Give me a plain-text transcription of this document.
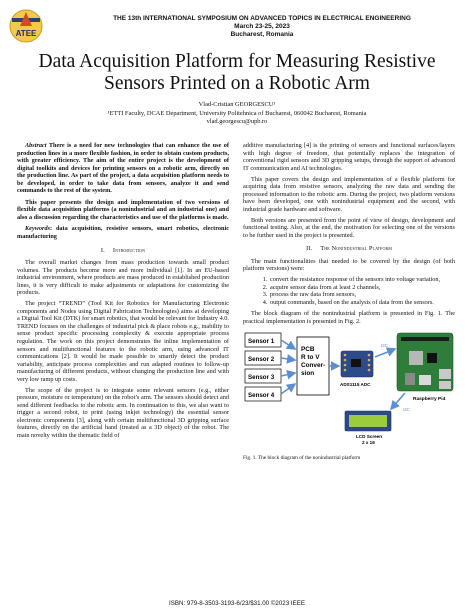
ATEE
THE 13th INTERNATIONAL SYMPOSIUM ON ADVANCED TOPICS IN ELECTRICAL ENGINEERING
March 23-25, 2023
Bucharest, Romania
Data Acquisition Platform for Measuring Resistive
Sensors Printed on a Robotic Arm
Vlad-Cristian GEORGESCU¹
¹ETTI Faculty, DCAE Department, University Politehnica of Bucharest, 060042 Bucharest, Romania
vlad.georgescu@upb.ro

Abstract There is a need for new technologies that can enhance the use of production lines in a more flexible fashion, in order to obtain custom products, with greater efficiency. The aim of the entire project is the development of digital toolkits and devices for printing sensors on a robotic arm, directly on the production line. As part of the project, a data acquisition platform needs to be developed, in order to take data from sensors, analyze it and send commands to the rest of the system.

This paper presents the design and implementation of two versions of flexible data acquisition platforms (a nonindustrial and an industrial one) and also a discussion regarding the characteristics and use of the platforms is made.

Keywords: data acquisition, resistive sensors, smart robotics, electronic manufacturing

I. Introduction

The overall market changes from mass production towards small product volumes. The products become more and more individual [1]. In an EU-based industrial environment, where products are mass produced in established production lines, it is very difficult to make adjustments or adaptations for customizing the products.

The project “TREND” (Tool Kit for Robotics for Manufacturing Electronic components and Nodes using Digital Fabrication Technologies) aims at developing a Digital Tool Kit (DTK) for smart robotics, that would be relevant for Industry 4.0. TREND focuses on the challenges of industrial pick & place robots e.g., inability to sense product specific processing complexity & execute appropriate process regulation. The work on this project demonstrates the inline implementation of sensors and multifunctional features to the robotic arm, using advanced IT communications [2]. It would be made possible to smartly detect the product variability, anticipate process complexities and run adapted routines to follow-up manufacturing of different products, without changing the production line and with very low ramp up costs.

The scope of the project is to integrate some relevant sensors (e.g., either pressure, moisture or temperature) on the robot’s arm. The sensors should detect and send different feedbacks to the robotic arm. In continuation to this, we also want to trigger a second robot, to print (using inkjet technology) the essential sensor electronic components [3], along with certain multifunctional 3D gripping surface features, directly on the artificial hand (treated as a 3D object) of the robot. The main novelty within the thematic field of

additive manufacturing [4] is the printing of sensors and functional surfaces/layers with high degree of freedom, that potentially replaces the integration of conventional rigid sensors and 3D gripping setups, through the support of advanced IT communication and AI technologies.

This paper covers the design and implementation of a flexible platform for acquiring data from resistive sensors, analyzing the raw data and sending the processed information to the robotic arm. During the project, two platform versions have been developed, one with nonindustrial equipment and the second, with industrial grade hardware and software.

Both versions are presented from the point of view of design, development and functional testing. Also, at the end, the motivation for selecting one of the versions to be further used in the project is presented.

II. The Nonindustrial Platform

The main functionalities that needed to be covered by the design (of both platform versions) were:

1. convert the resistance response of the sensors into voltage variation,
2. acquire sensor data from at least 2 channels,
3. process the raw data from sensors,
4. output commands, based on the analysis of data from the sensors.

The block diagram of the nonindustrial platform is presented in Fig. 1. The practical implementation is presented in Fig. 2.

Sensor 1
Sensor 2
Sensor 3
Sensor 4
PCB
R to V
Conver-
sion
ADS1115 ADC
I2C
Raspberry Pi4
I2C
LCD Screen
2 x 16
Fig. 1. The block diagram of the nonindustrial platform
ISBN: 979-8-3503-3193-6/23/$31.00 ©2023 IEEE
